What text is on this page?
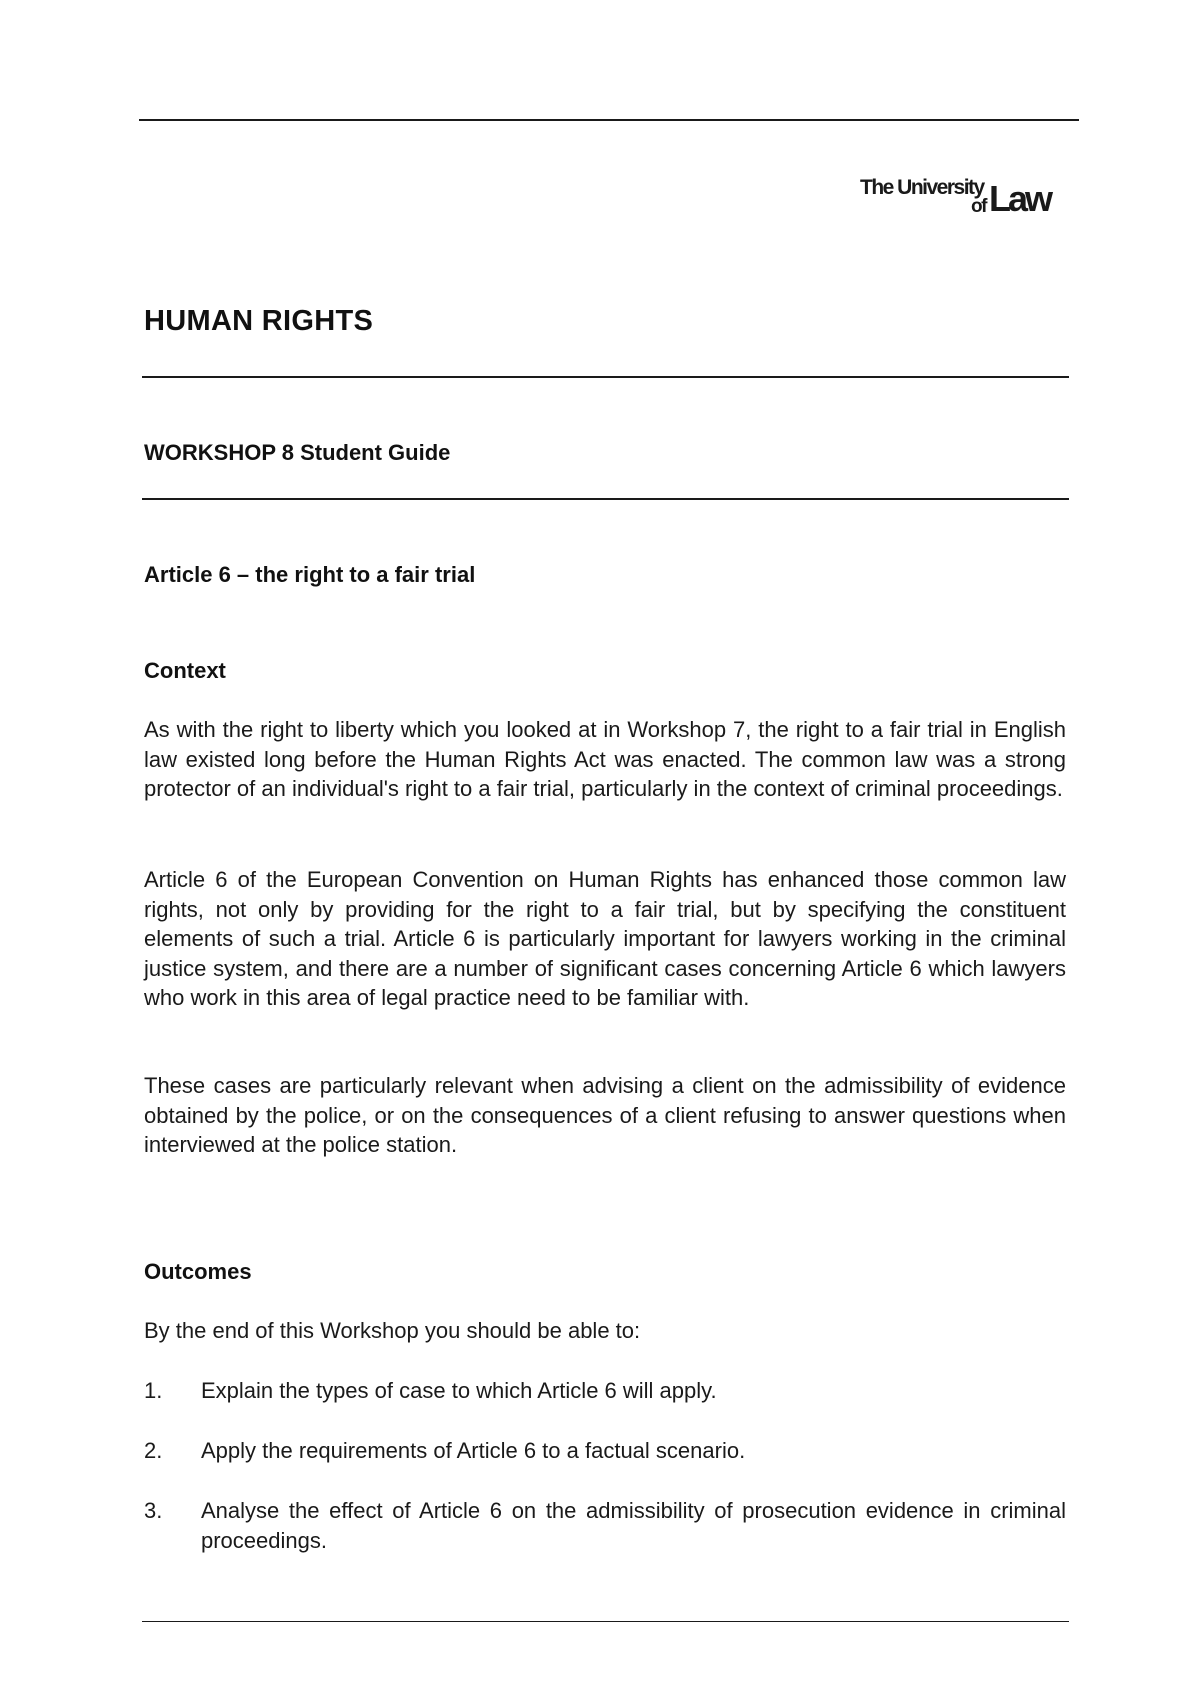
The University
of Law
HUMAN RIGHTS
WORKSHOP 8 Student Guide
Article 6 – the right to a fair trial
Context

As with the right to liberty which you looked at in Workshop 7, the right to a fair trial in English law existed long before the Human Rights Act was enacted. The common law was a strong protector of an individual's right to a fair trial, particularly in the context of criminal proceedings.

Article 6 of the European Convention on Human Rights has enhanced those common law rights, not only by providing for the right to a fair trial, but by specifying the constituent elements of such a trial. Article 6 is particularly important for lawyers working in the criminal justice system, and there are a number of significant cases concerning Article 6 which lawyers who work in this area of legal practice need to be familiar with.

These cases are particularly relevant when advising a client on the admissibility of evidence obtained by the police, or on the consequences of a client refusing to answer questions when interviewed at the police station.

Outcomes

By the end of this Workshop you should be able to:

1. Explain the types of case to which Article 6 will apply.
2. Apply the requirements of Article 6 to a factual scenario.
3. Analyse the effect of Article 6 on the admissibility of prosecution evidence in criminal proceedings.
